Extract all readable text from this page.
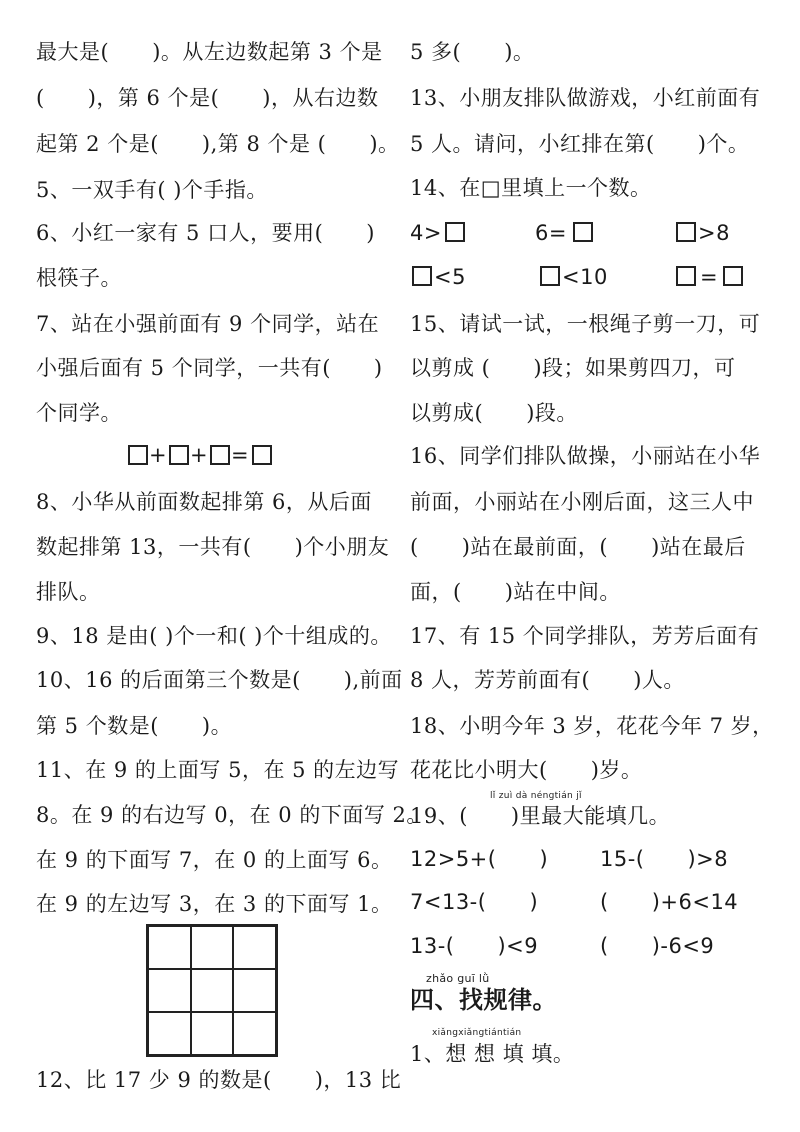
最大是(　　)。从左边数起第 3 个是
(　　)，第 6 个是(　　)，从右边数
起第 2 个是(　　),第 8 个是 (　　)。
5、一双手有( )个手指。
6、小红一家有 5 口人，要用(　　)
根筷子。
7、站在小强前面有 9 个同学，站在
小强后面有 5 个同学，一共有(　　)
个同学。
+ + =
8、小华从前面数起排第 6，从后面
数起排第 13，一共有(　　)个小朋友
排队。
9、18 是由( )个一和( )个十组成的。
10、16 的后面第三个数是(　　),前面
第 5 个数是(　　)。
11、在 9 的上面写 5，在 5 的左边写
8。在 9 的右边写 0，在 0 的下面写 2。
在 9 的下面写 7，在 0 的上面写 6。
在 9 的左边写 3，在 3 的下面写 1。
12、比 17 少 9 的数是(　　)，13 比
5 多(　　)。
13、小朋友排队做游戏，小红前面有
5 人。请问，小红排在第(　　)个。
14、在□里填上一个数。
4>	6=	>8
<5	<10	=
15、请试一试，一根绳子剪一刀，可
以剪成 (　　)段；如果剪四刀，可
以剪成(　　)段。
16、同学们排队做操，小丽站在小华
前面，小丽站在小刚后面，这三人中
(　　)站在最前面，(　　)站在最后
面，(　　)站在中间。
17、有 15 个同学排队，芳芳后面有
8 人，芳芳前面有(　　)人。
18、小明今年 3 岁，花花今年 7 岁，
花花比小明大(　　)岁。
lǐ zuì dà néngtián jǐ
19、(　　)里最大能填几。
12>5+(　　) 15-(　　)>8
7<13-(　　)	(　　)+6<14
13-(　　)<9	(　　)-6<9
zhǎo guī lǜ
四、找规律。
xiǎngxiǎngtiántián
1、想 想 填 填。
